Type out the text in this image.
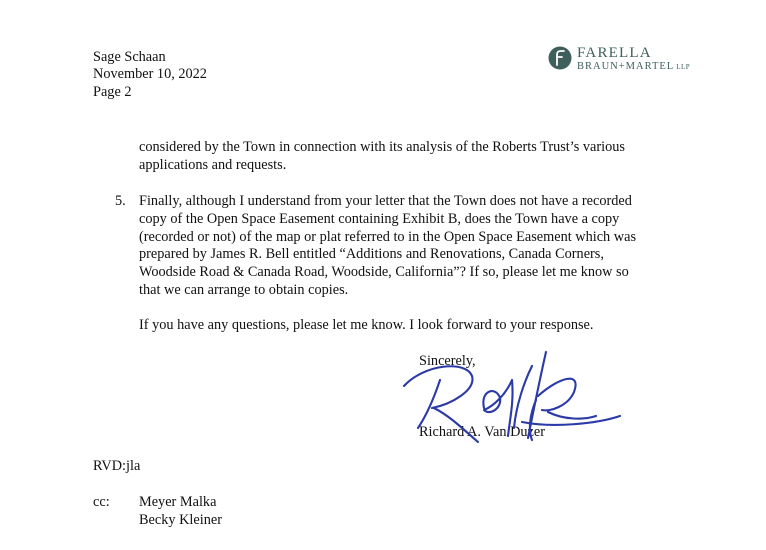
Sage Schaan
November 10, 2022
Page 2
FARELLA
BRAUN+MARTEL LLP
considered by the Town in connection with its analysis of the Roberts Trust’s various
applications and requests.
5. Finally, although I understand from your letter that the Town does not have a recorded
copy of the Open Space Easement containing Exhibit B, does the Town have a copy
(recorded or not) of the map or plat referred to in the Open Space Easement which was
prepared by James R. Bell entitled “Additions and Renovations, Canada Corners,
Woodside Road & Canada Road, Woodside, California”? If so, please let me know so
that we can arrange to obtain copies.
If you have any questions, please let me know. I look forward to your response.
Sincerely,
Richard A. Van Duzer
RVD:jla
cc: Meyer Malka
Becky Kleiner
